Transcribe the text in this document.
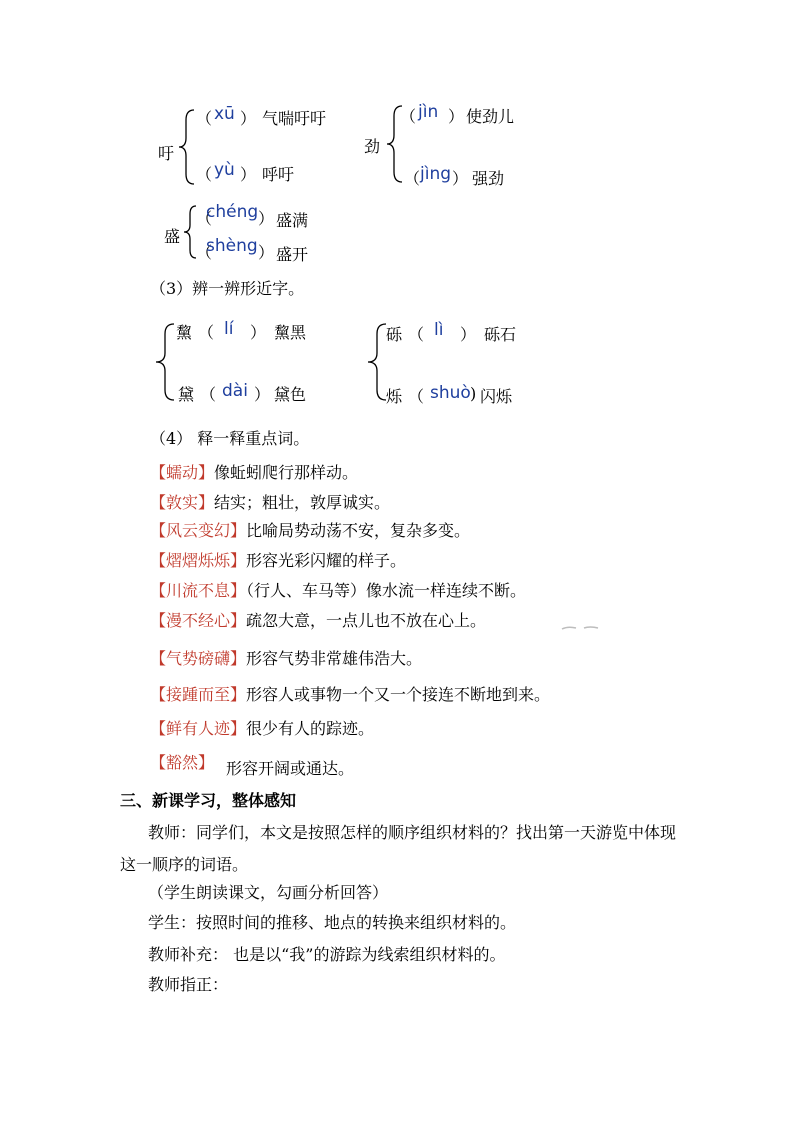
吁
（ xū ） 气喘吁吁
（ yù ） 呼吁
劲
（ jìn ） 使劲儿
（ jìng ） 强劲
盛
（
chéng ） 盛满
（
shèng ） 盛开
（3）辨一辨形近字。
黧 （ lí ） 黧黑
黛 （ dài ） 黛色
砾 （ lì ） 砾石
烁 （ shuò ) 闪烁
（4） 释一释重点词。
【蠕动】像蚯蚓爬行那样动。
【敦实】结实；粗壮，敦厚诚实。
【风云变幻】比喻局势动荡不安，复杂多变。
【熠熠烁烁】形容光彩闪耀的样子。
【川流不息】（行人、车马等）像水流一样连续不断。
【漫不经心】疏忽大意，一点儿也不放在心上。
【气势磅礴】形容气势非常雄伟浩大。
【接踵而至】形容人或事物一个又一个接连不断地到来。
【鲜有人迹】很少有人的踪迹。
【豁然】 形容开阔或通达。
三、新课学习，整体感知
教师：同学们，本文是按照怎样的顺序组织材料的？找出第一天游览中体现
这一顺序的词语。
（学生朗读课文，勾画分析回答）
学生：按照时间的推移、地点的转换来组织材料的。
教师补充： 也是以“我”的游踪为线索组织材料的。
教师指正：
